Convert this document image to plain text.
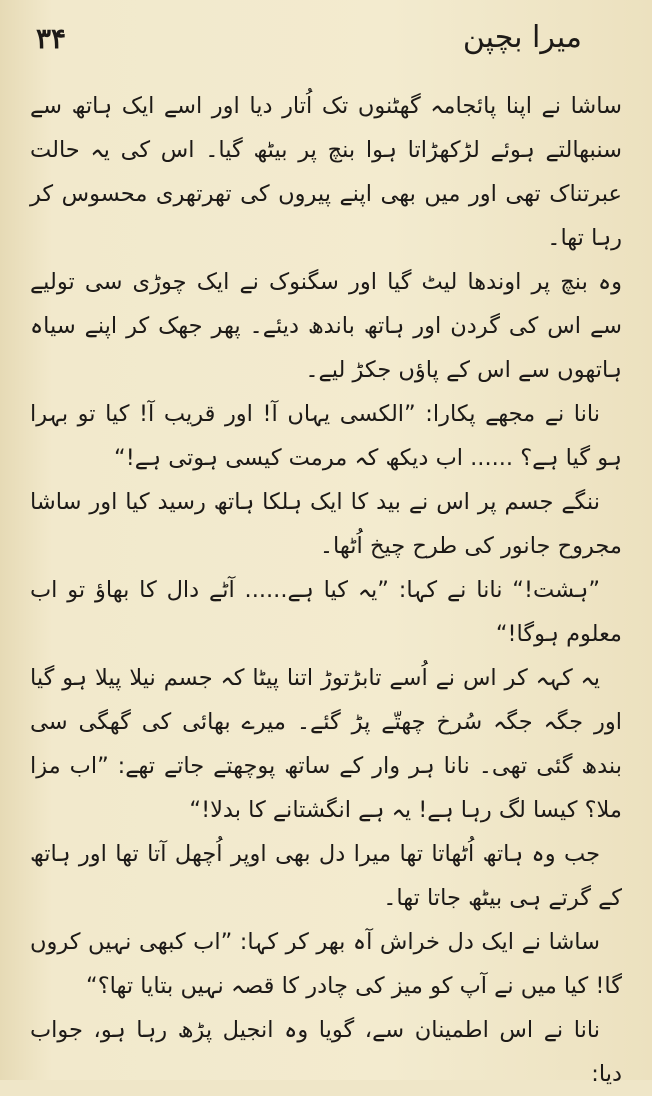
۳۴	میرا بچپن

ساشا نے اپنا پائجامہ گھٹنوں تک اُتار دیا اور اسے ایک ہاتھ سے سنبھالتے ہوئے لڑکھڑاتا ہوا بنچ پر بیٹھ گیا۔ اس کی یہ حالت عبرتناک تھی اور میں بھی اپنے پیروں کی تھرتھری محسوس کر رہا تھا۔

وہ بنچ پر اوندھا لیٹ گیا اور سگنوک نے ایک چوڑی سی تولیے سے اس کی گردن اور ہاتھ باندھ دیئے۔ پھر جھک کر اپنے سیاہ ہاتھوں سے اس کے پاؤں جکڑ لیے۔

نانا نے مجھے پکارا: ”الکسی یہاں آ! اور قریب آ! کیا تو بہرا ہو گیا ہے؟ ...... اب دیکھ کہ مرمت کیسی ہوتی ہے!“

ننگے جسم پر اس نے بید کا ایک ہلکا ہاتھ رسید کیا اور ساشا مجروح جانور کی طرح چیخ اُٹھا۔

”ہشت!“ نانا نے کہا: ”یہ کیا ہے...... آٹے دال کا بھاؤ تو اب معلوم ہوگا!“

یہ کہہ کر اس نے اُسے تابڑتوڑ اتنا پیٹا کہ جسم نیلا پیلا ہو گیا اور جگہ جگہ سُرخ چھتّے پڑ گئے۔ میرے بھائی کی گھگی سی بندھ گئی تھی۔ نانا ہر وار کے ساتھ پوچھتے جاتے تھے: ”اب مزا ملا؟ کیسا لگ رہا ہے! یہ ہے انگشتانے کا بدلا!“

جب وہ ہاتھ اُٹھاتا تھا میرا دل بھی اوپر اُچھل آتا تھا اور ہاتھ کے گرتے ہی بیٹھ جاتا تھا۔

ساشا نے ایک دل خراش آہ بھر کر کہا: ”اب کبھی نہیں کروں گا! کیا میں نے آپ کو میز کی چادر کا قصہ نہیں بتایا تھا؟“

نانا نے اس اطمینان سے، گویا وہ انجیل پڑھ رہا ہو، جواب دیا:
